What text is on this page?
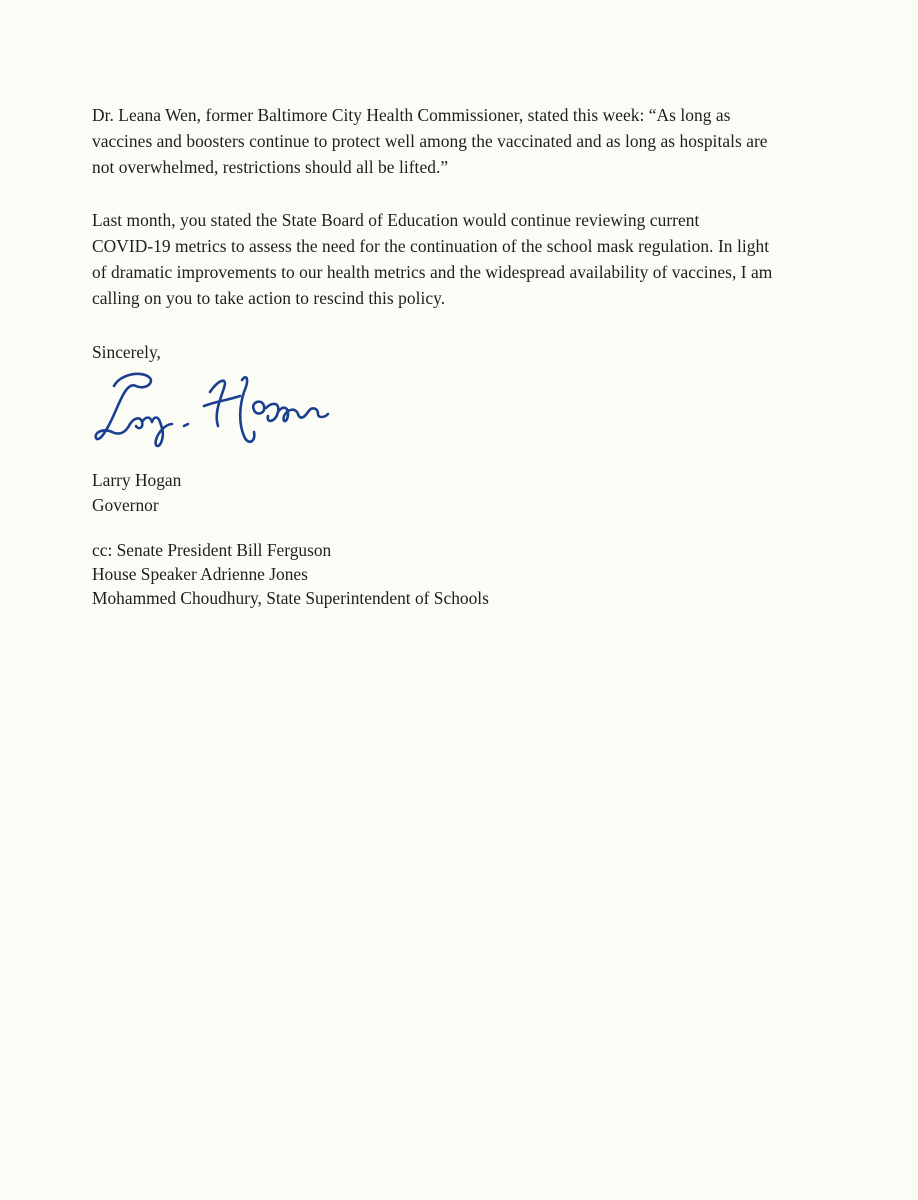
Dr. Leana Wen, former Baltimore City Health Commissioner, stated this week: “As long as
vaccines and boosters continue to protect well among the vaccinated and as long as hospitals are
not overwhelmed, restrictions should all be lifted.”

Last month, you stated the State Board of Education would continue reviewing current
COVID-19 metrics to assess the need for the continuation of the school mask regulation. In light
of dramatic improvements to our health metrics and the widespread availability of vaccines, I am
calling on you to take action to rescind this policy.

Sincerely,

Larry Hogan
Governor
cc: Senate President Bill Ferguson
House Speaker Adrienne Jones
Mohammed Choudhury, State Superintendent of Schools
